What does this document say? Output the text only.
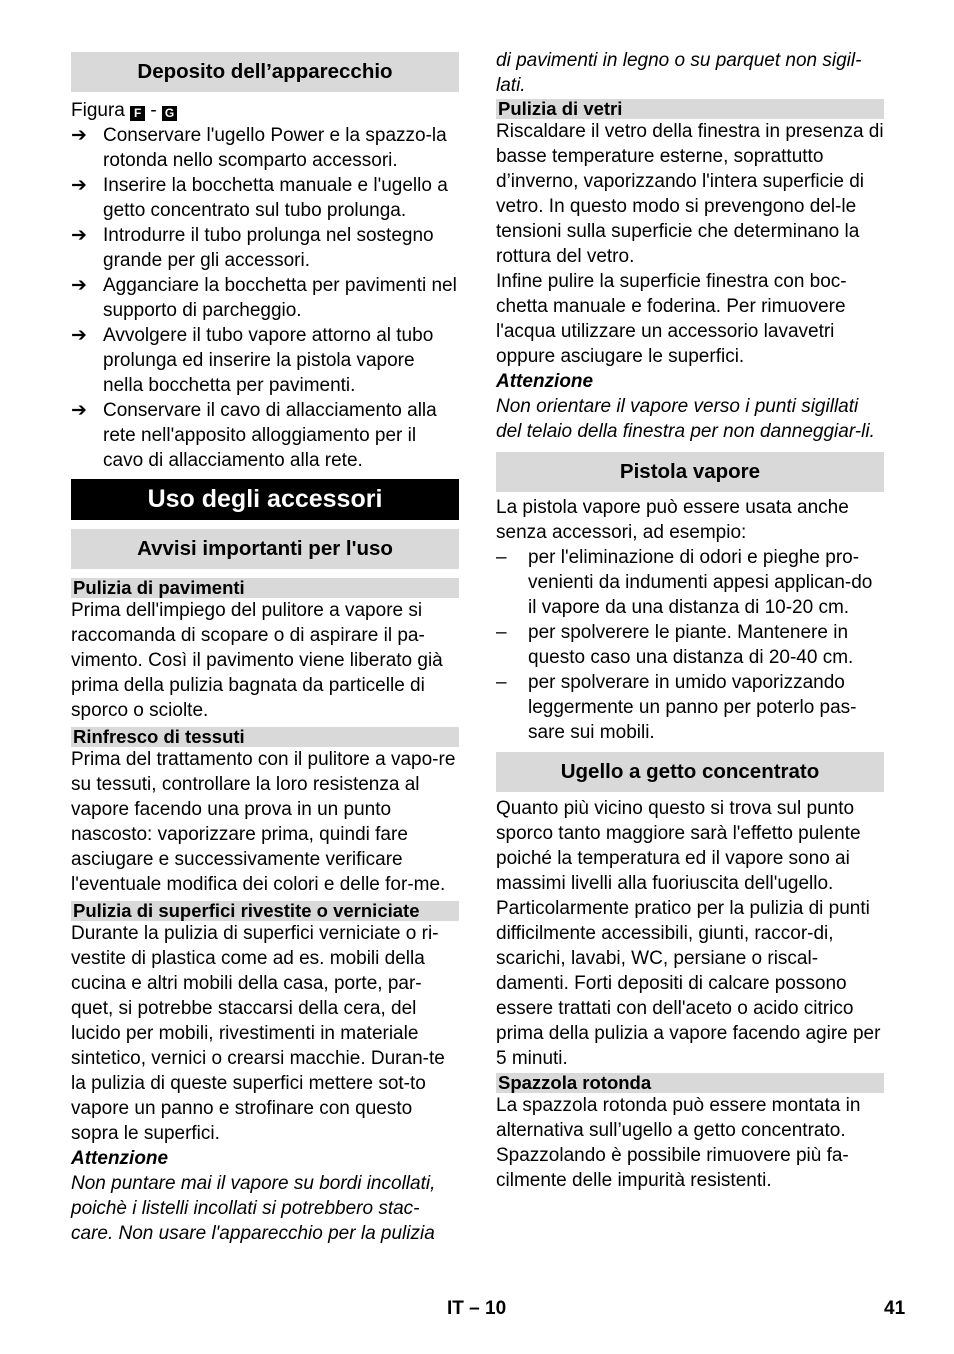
Deposito dell’apparecchio

Figura F - G

➔ Conservare l'ugello Power e la spazzo-la rotonda nello scomparto accessori.
➔ Inserire la bocchetta manuale e l'ugello a getto concentrato sul tubo prolunga.
➔ Introdurre il tubo prolunga nel sostegno grande per gli accessori.
➔ Agganciare la bocchetta per pavimenti nel supporto di parcheggio.
➔ Avvolgere il tubo vapore attorno al tubo prolunga ed inserire la pistola vapore nella bocchetta per pavimenti.
➔ Conservare il cavo di allacciamento alla rete nell'apposito alloggiamento per il cavo di allacciamento alla rete.
Uso degli accessori
Avvisi importanti per l'uso
Pulizia di pavimenti

Prima dell'impiego del pulitore a vapore si raccomanda di scopare o di aspirare il pa-vimento. Così il pavimento viene liberato già prima della pulizia bagnata da particelle di sporco o sciolte.

Rinfresco di tessuti

Prima del trattamento con il pulitore a vapo-re su tessuti, controllare la loro resistenza al vapore facendo una prova in un punto nascosto: vaporizzare prima, quindi fare asciugare e successivamente verificare l'eventuale modifica dei colori e delle for-me.

Pulizia di superfici rivestite o verniciate

Durante la pulizia di superfici verniciate o ri-vestite di plastica come ad es. mobili della cucina e altri mobili della casa, porte, par-quet, si potrebbe staccarsi della cera, del lucido per mobili, rivestimenti in materiale sintetico, vernici o crearsi macchie. Duran-te la pulizia di queste superfici mettere sot-to vapore un panno e strofinare con questo sopra le superfici.

Attenzione

Non puntare mai il vapore su bordi incollati, poichè i listelli incollati si potrebbero stac-care. Non usare l'apparecchio per la pulizia

di pavimenti in legno o su parquet non sigil-lati.

Pulizia di vetri

Riscaldare il vetro della finestra in presenza di basse temperature esterne, soprattutto d’inverno, vaporizzando l'intera superficie di vetro. In questo modo si prevengono del-le tensioni sulla superficie che determinano la rottura del vetro.

Infine pulire la superficie finestra con boc-chetta manuale e foderina. Per rimuovere l'acqua utilizzare un accessorio lavavetri oppure asciugare le superfici.

Attenzione

Non orientare il vapore verso i punti sigillati del telaio della finestra per non danneggiar-li.

Pistola vapore

La pistola vapore può essere usata anche senza accessori, ad esempio:

– per l'eliminazione di odori e pieghe pro-venienti da indumenti appesi applican-do il vapore da una distanza di 10-20 cm.
– per spolverere le piante. Mantenere in questo caso una distanza di 20-40 cm.
– per spolverare in umido vaporizzando leggermente un panno per poterlo pas-sare sui mobili.
Ugello a getto concentrato

Quanto più vicino questo si trova sul punto sporco tanto maggiore sarà l'effetto pulente poiché la temperatura ed il vapore sono ai massimi livelli alla fuoriuscita dell'ugello. Particolarmente pratico per la pulizia di punti difficilmente accessibili, giunti, raccor-di, scarichi, lavabi, WC, persiane o riscal-damenti. Forti depositi di calcare possono essere trattati con dell'aceto o acido citrico prima della pulizia a vapore facendo agire per 5 minuti.

Spazzola rotonda

La spazzola rotonda può essere montata in alternativa sull’ugello a getto concentrato. Spazzolando è possibile rimuovere più fa-cilmente delle impurità resistenti.

IT – 10	41
